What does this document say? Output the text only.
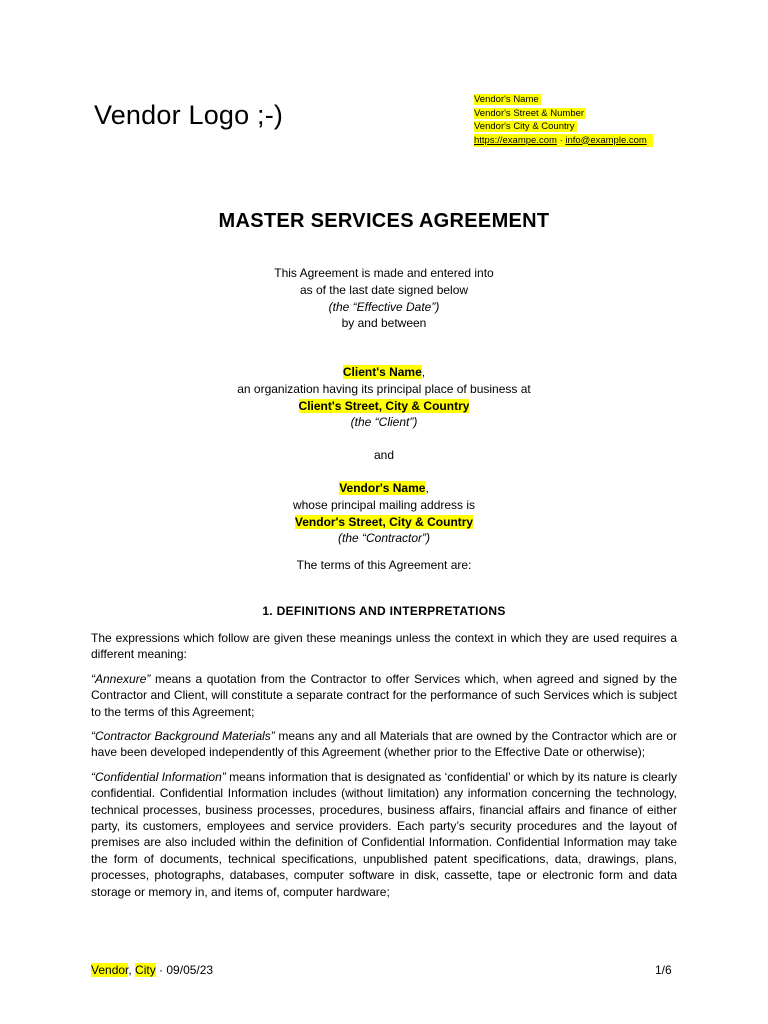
Vendor Logo ;-)
Vendor's Name
Vendor's Street & Number
Vendor's City & Country
https://exampe.com · info@example.com
MASTER SERVICES AGREEMENT
This Agreement is made and entered into
as of the last date signed below
(the “Effective Date”)
by and between
Client's Name,
an organization having its principal place of business at
Client's Street, City & Country
(the “Client”)
and
Vendor's Name,
whose principal mailing address is
Vendor's Street, City & Country
(the “Contractor”)
The terms of this Agreement are:
1. DEFINITIONS AND INTERPRETATIONS

The expressions which follow are given these meanings unless the context in which they are used requires a different meaning:

“Annexure” means a quotation from the Contractor to offer Services which, when agreed and signed by the Contractor and Client, will constitute a separate contract for the performance of such Services which is subject to the terms of this Agreement;

“Contractor Background Materials” means any and all Materials that are owned by the Contractor which are or have been developed independently of this Agreement (whether prior to the Effective Date or otherwise);

“Confidential Information” means information that is designated as ‘confidential’ or which by its nature is clearly confidential. Confidential Information includes (without limitation) any information concerning the technology, technical processes, business processes, procedures, business affairs, financial affairs and finance of either party, its customers, employees and service providers. Each party’s security procedures and the layout of premises are also included within the definition of Confidential Information. Confidential Information may take the form of documents, technical specifications, unpublished patent specifications, data, drawings, plans, processes, photographs, databases, computer software in disk, cassette, tape or electronic form and data storage or memory in, and items of, computer hardware;

Vendor, City · 09/05/23	1/6
